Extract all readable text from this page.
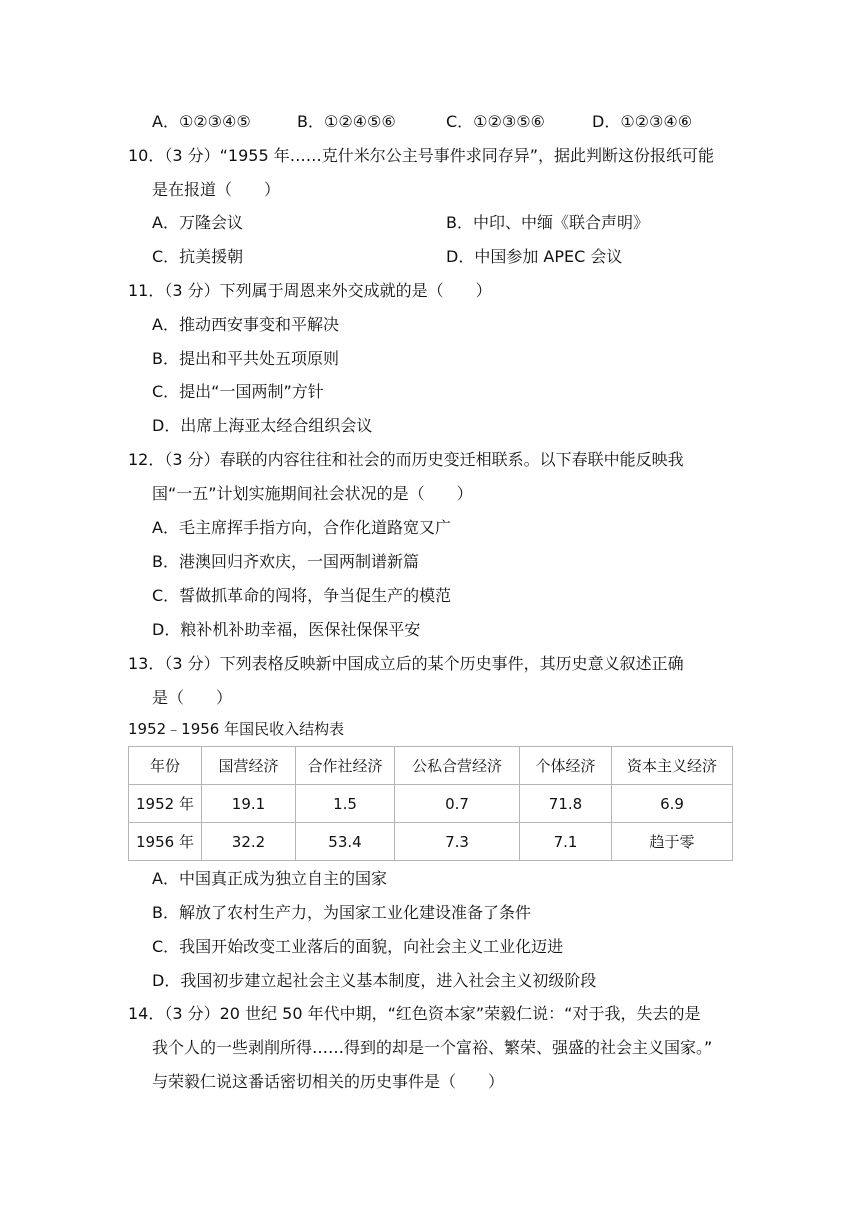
A．①②③④⑤	B．①②④⑤⑥	C．①②③⑤⑥	D．①②③④⑥
10．（3 分）“1955 年……克什米尔公主号事件求同存异”，据此判断这份报纸可能
是在报道（　　）
A．万隆会议	B．中印、中缅《联合声明》
C．抗美援朝	D．中国参加 APEC 会议
11．（3 分）下列属于周恩来外交成就的是（　　）
A．推动西安事变和平解决
B．提出和平共处五项原则
C．提出“一国两制”方针
D．出席上海亚太经合组织会议
12．（3 分）春联的内容往往和社会的而历史变迁相联系。以下春联中能反映我
国“一五”计划实施期间社会状况的是（　　）
A．毛主席挥手指方向，合作化道路宽又广
B．港澳回归齐欢庆，一国两制谱新篇
C．誓做抓革命的闯将，争当促生产的模范
D．粮补机补助幸福，医保社保保平安
13．（3 分）下列表格反映新中国成立后的某个历史事件，其历史意义叙述正确
是（　　）
1952﹣1956 年国民收入结构表
年份	国营经济	合作社经济	公私合营经济	个体经济	资本主义经济
1952 年	19.1	1.5	0.7	71.8	6.9
1956 年	32.2	53.4	7.3	7.1	趋于零
A．中国真正成为独立自主的国家
B．解放了农村生产力，为国家工业化建设准备了条件
C．我国开始改变工业落后的面貌，向社会主义工业化迈进
D．我国初步建立起社会主义基本制度，进入社会主义初级阶段
14．（3 分）20 世纪 50 年代中期，“红色资本家”荣毅仁说：“对于我，失去的是
我个人的一些剥削所得……得到的却是一个富裕、繁荣、强盛的社会主义国家。”
与荣毅仁说这番话密切相关的历史事件是（　　）
